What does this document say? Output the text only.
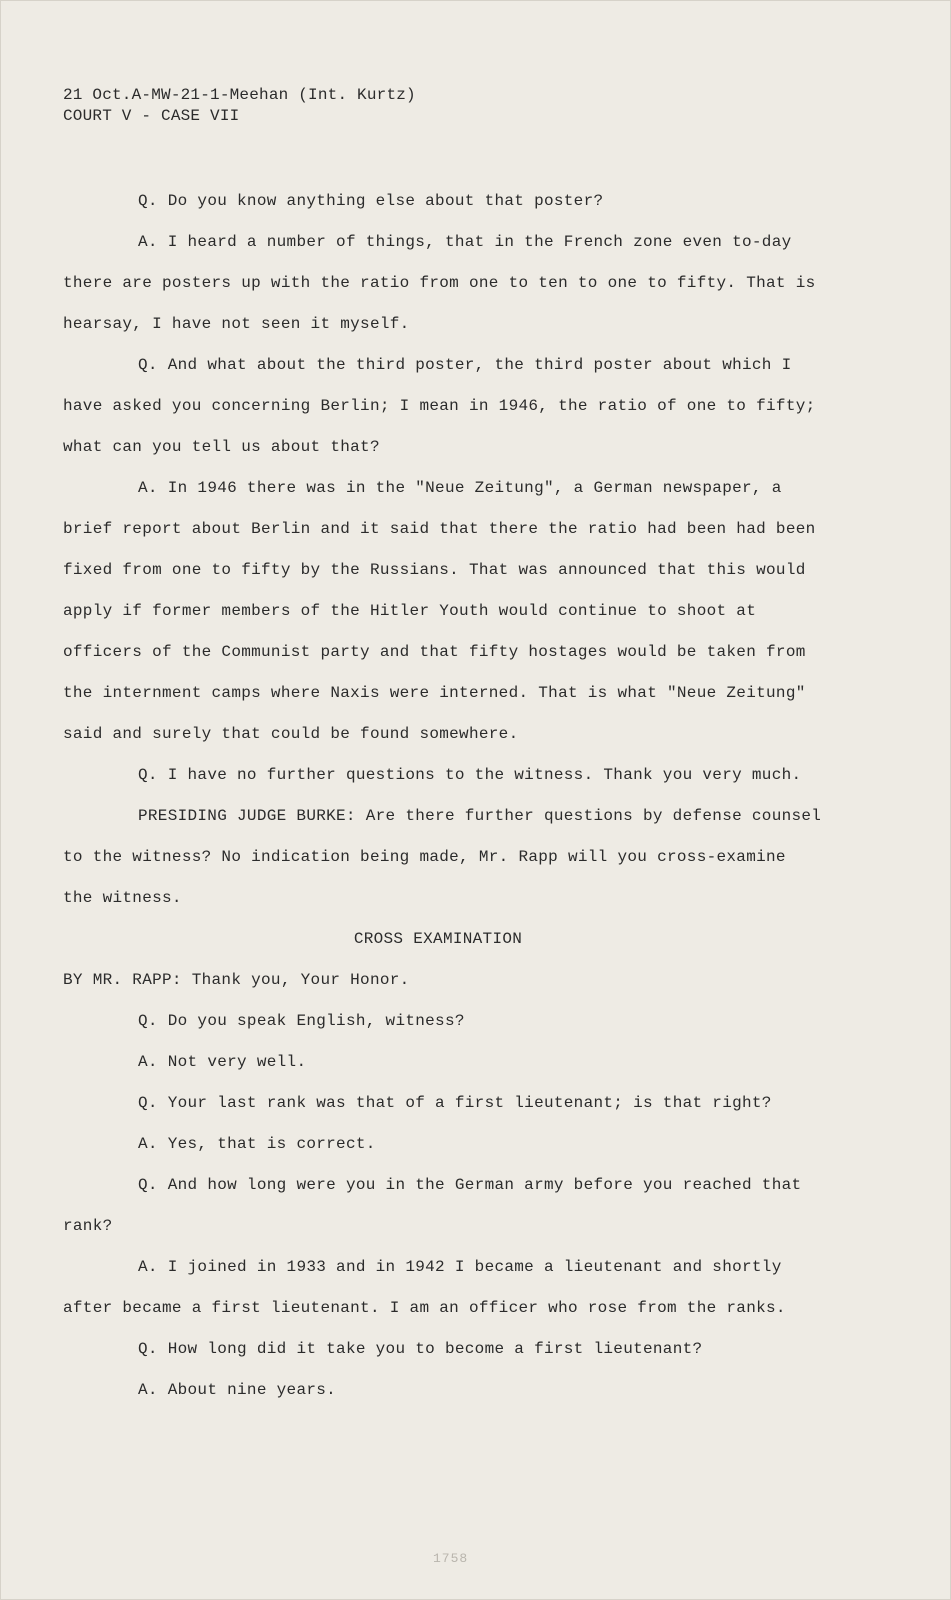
21 Oct.A-MW-21-1-Meehan (Int. Kurtz)
COURT V - CASE VII

Q. Do you know anything else about that poster?

A. I heard a number of things, that in the French zone even to-day there are posters up with the ratio from one to ten to one to fifty. That is hearsay, I have not seen it myself.

Q. And what about the third poster, the third poster about which I have asked you concerning Berlin; I mean in 1946, the ratio of one to fifty; what can you tell us about that?

A. In 1946 there was in the "Neue Zeitung", a German newspaper, a brief report about Berlin and it said that there the ratio had been had been fixed from one to fifty by the Russians. That was announced that this would apply if former members of the Hitler Youth would continue to shoot at officers of the Communist party and that fifty hostages would be taken from the internment camps where Naxis were interned. That is what "Neue Zeitung" said and surely that could be found somewhere.

Q. I have no further questions to the witness. Thank you very much.

PRESIDING JUDGE BURKE: Are there further questions by defense counsel to the witness? No indication being made, Mr. Rapp will you cross-examine the witness.

CROSS EXAMINATION

BY MR. RAPP: Thank you, Your Honor.

Q. Do you speak English, witness?

A. Not very well.

Q. Your last rank was that of a first lieutenant; is that right?

A. Yes, that is correct.

Q. And how long were you in the German army before you reached that rank?

A. I joined in 1933 and in 1942 I became a lieutenant and shortly after became a first lieutenant. I am an officer who rose from the ranks.

Q. How long did it take you to become a first lieutenant?

A. About nine years.

1758
